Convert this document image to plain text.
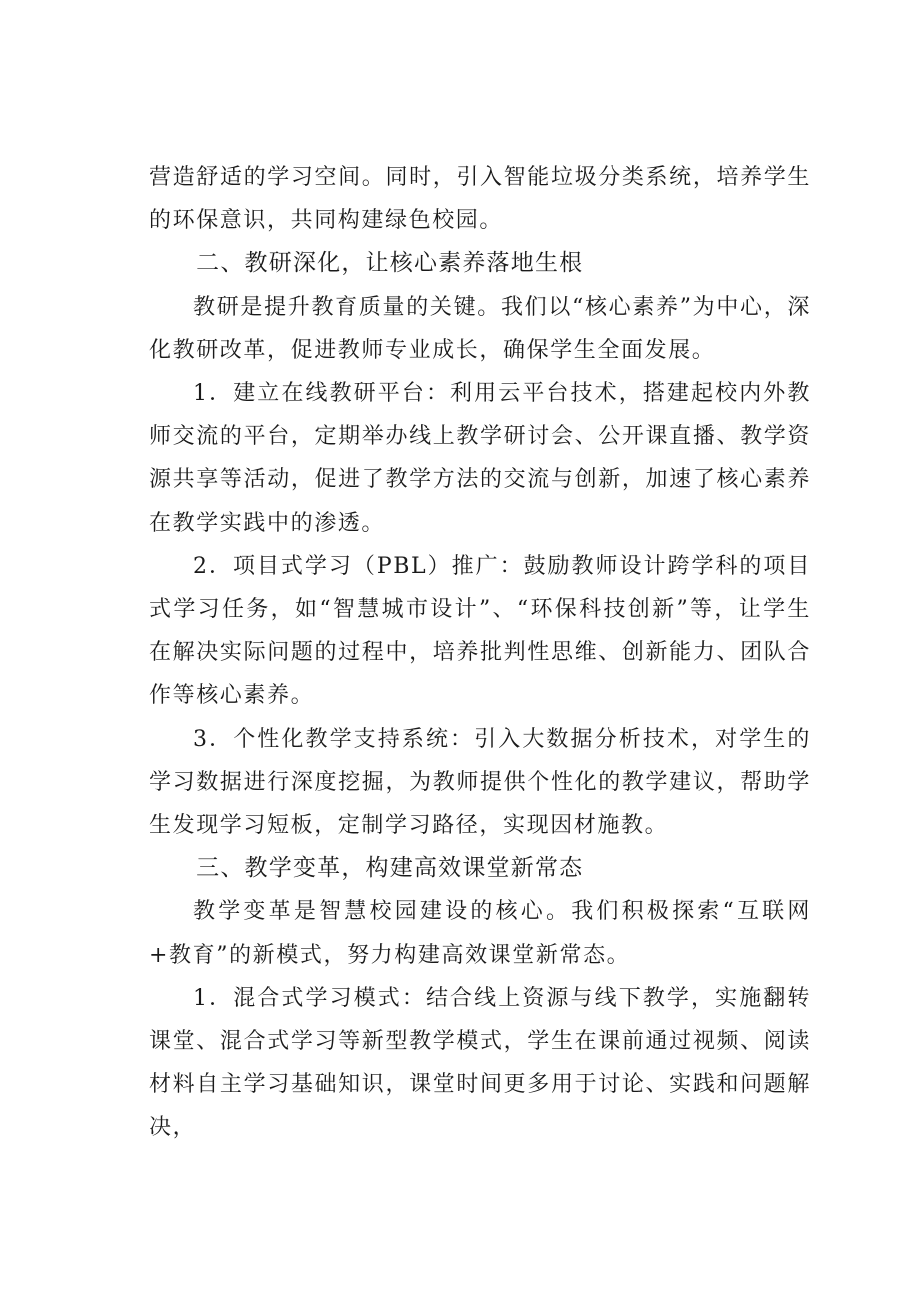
营造舒适的学习空间。同时，引入智能垃圾分类系统，培养学生的环保意识，共同构建绿色校园。

二、教研深化，让核心素养落地生根

教研是提升教育质量的关键。我们以“核心素养”为中心，深化教研改革，促进教师专业成长，确保学生全面发展。

1．建立在线教研平台：利用云平台技术，搭建起校内外教师交流的平台，定期举办线上教学研讨会、公开课直播、教学资源共享等活动，促进了教学方法的交流与创新，加速了核心素养在教学实践中的渗透。

2．项目式学习（PBL）推广：鼓励教师设计跨学科的项目式学习任务，如“智慧城市设计”、“环保科技创新”等，让学生在解决实际问题的过程中，培养批判性思维、创新能力、团队合作等核心素养。

3．个性化教学支持系统：引入大数据分析技术，对学生的学习数据进行深度挖掘，为教师提供个性化的教学建议，帮助学生发现学习短板，定制学习路径，实现因材施教。

三、教学变革，构建高效课堂新常态

教学变革是智慧校园建设的核心。我们积极探索“互联网+教育”的新模式，努力构建高效课堂新常态。

1．混合式学习模式：结合线上资源与线下教学，实施翻转课堂、混合式学习等新型教学模式，学生在课前通过视频、阅读材料自主学习基础知识，课堂时间更多用于讨论、实践和问题解决，
